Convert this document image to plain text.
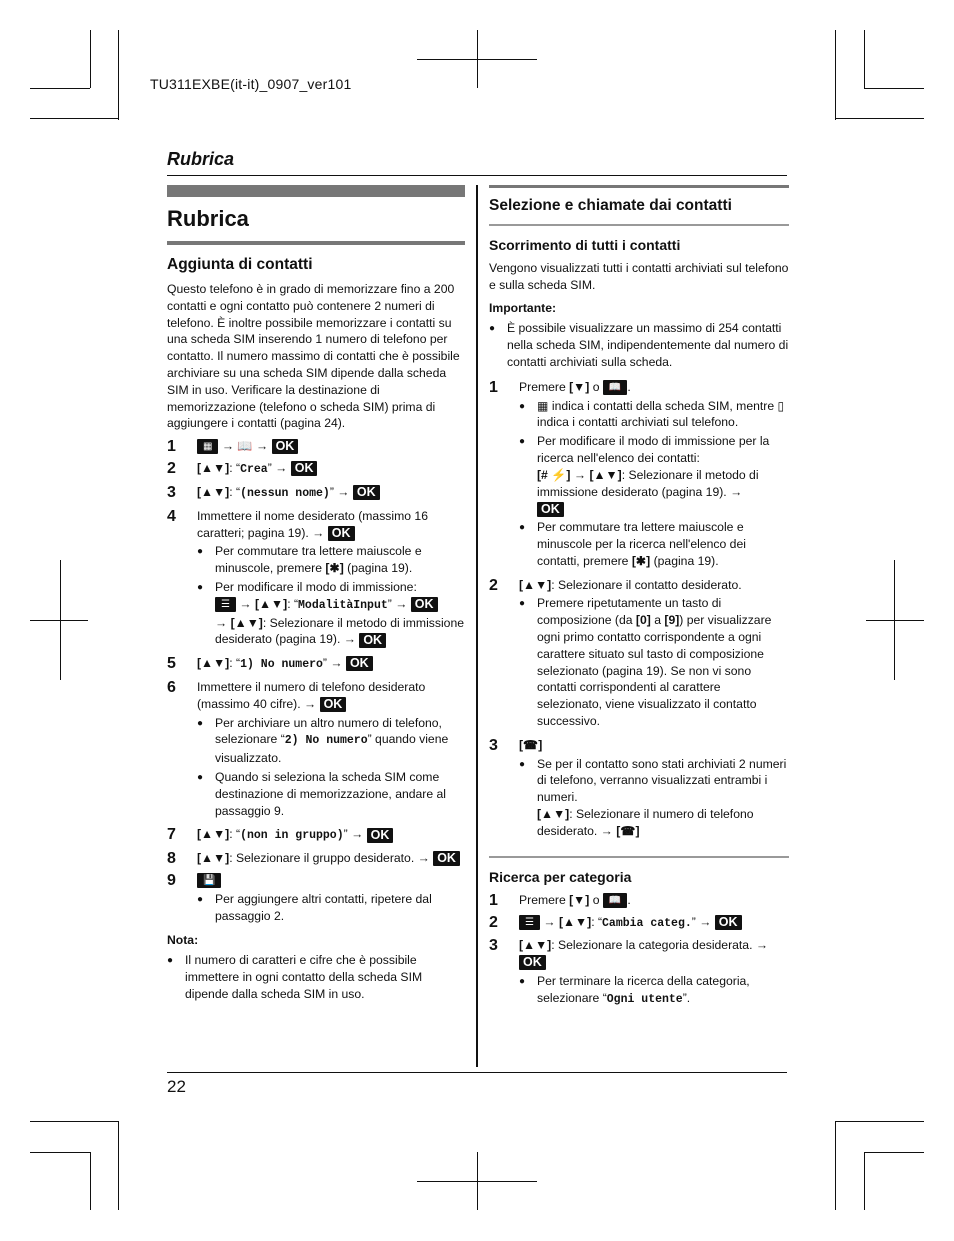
TU311EXBE(it-it)_0907_ver101
Rubrica
Rubrica
Aggiunta di contatti

Questo telefono è in grado di memorizzare fino a 200 contatti e ogni contatto può contenere 2 numeri di telefono. È inoltre possibile memorizzare i contatti su una scheda SIM inserendo 1 numero di telefono per contatto. Il numero massimo di contatti che è possibile archiviare su una scheda SIM dipende dalla scheda SIM in uso. Verificare la destinazione di memorizzazione (telefono o scheda SIM) prima di aggiungere i contatti (pagina 24).

1	▦ → 📖 → OK
2	[▲▼]: “Crea” → OK
3	[▲▼]: “(nessun nome)” → OK
4	Immettere il nome desiderato (massimo 16 caratteri; pagina 19). → OK
● Per commutare tra lettere maiuscole e minuscole, premere [✱] (pagina 19).
● Per modificare il modo di immissione:
☰ → [▲▼]: “ModalitàInput” → OK
→ [▲▼]: Selezionare il metodo di immissione desiderato (pagina 19). → OK
5	[▲▼]: “1) No numero” → OK
6	Immettere il numero di telefono desiderato (massimo 40 cifre). → OK
● Per archiviare un altro numero di telefono, selezionare “2) No numero” quando viene visualizzato.
● Quando si seleziona la scheda SIM come destinazione di memorizzazione, andare al passaggio 9.
7	[▲▼]: “(non in gruppo)” → OK
8	[▲▼]: Selezionare il gruppo desiderato. → OK
9	💾
● Per aggiungere altri contatti, ripetere dal passaggio 2.
Nota:
● Il numero di caratteri e cifre che è possibile immettere in ogni contatto della scheda SIM dipende dalla scheda SIM in uso.
Selezione e chiamate dai contatti
Scorrimento di tutti i contatti

Vengono visualizzati tutti i contatti archiviati sul telefono e sulla scheda SIM.

Importante:
● È possibile visualizzare un massimo di 254 contatti nella scheda SIM, indipendentemente dal numero di contatti archiviati sulla scheda.
1	Premere [▼] o 📖 .
● ▦ indica i contatti della scheda SIM, mentre ▯ indica i contatti archiviati sul telefono.
● Per modificare il modo di immissione per la ricerca nell'elenco dei contatti:
[# ⚡] → [▲▼]: Selezionare il metodo di immissione desiderato (pagina 19). →
OK
● Per commutare tra lettere maiuscole e minuscole per la ricerca nell'elenco dei contatti, premere [✱] (pagina 19).
2	[▲▼]: Selezionare il contatto desiderato.
● Premere ripetutamente un tasto di composizione (da [0] a [9]) per visualizzare ogni primo contatto corrispondente a ogni carattere situato sul tasto di composizione selezionato (pagina 19). Se non vi sono contatti corrispondenti al carattere selezionato, viene visualizzato il contatto successivo.
3	[☎]
● Se per il contatto sono stati archiviati 2 numeri di telefono, verranno visualizzati entrambi i numeri.
[▲▼]: Selezionare il numero di telefono desiderato. → [☎]
Ricerca per categoria
1	Premere [▼] o 📖 .
2	☰ → [▲▼]: “Cambia categ.” → OK
3	[▲▼]: Selezionare la categoria desiderata. → OK
● Per terminare la ricerca della categoria, selezionare “Ogni utente”.
22
